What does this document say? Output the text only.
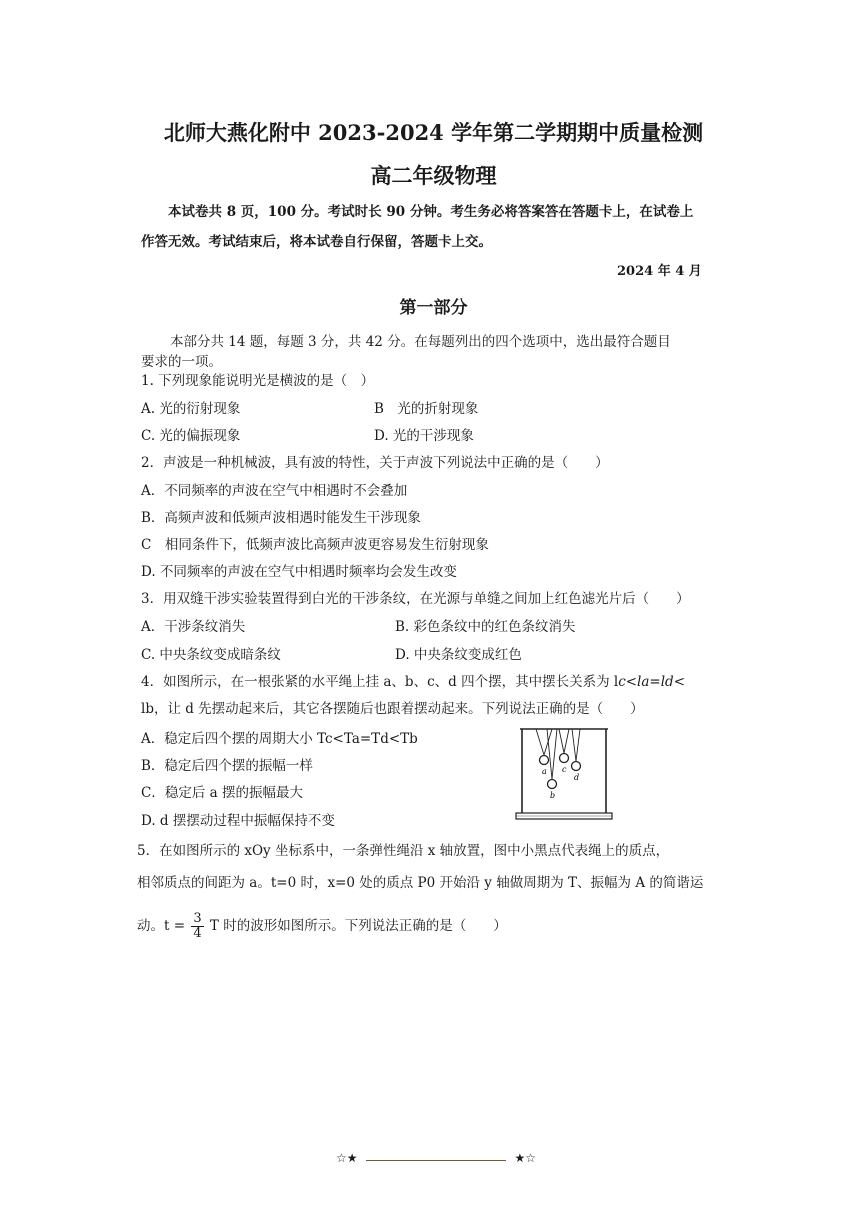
北师大燕化附中 2023-2024 学年第二学期期中质量检测
高二年级物理
本试卷共 8 页，100 分。考试时长 90 分钟。考生务必将答案答在答题卡上，在试卷上
作答无效。考试结束后，将本试卷自行保留，答题卡上交。
2024 年 4 月
第一部分
本部分共 14 题，每题 3 分，共 42 分。在每题列出的四个选项中，选出最符合题目
要求的一项。
1. 下列现象能说明光是横波的是（　）
A. 光的衍射现象	B　光的折射现象
C. 光的偏振现象	D. 光的干涉现象
2．声波是一种机械波，具有波的特性，关于声波下列说法中正确的是（　　）
A．不同频率的声波在空气中相遇时不会叠加
B．高频声波和低频声波相遇时能发生干涉现象
C　相同条件下，低频声波比高频声波更容易发生衍射现象
D. 不同频率的声波在空气中相遇时频率均会发生改变
3．用双缝干涉实验装置得到白光的干涉条纹，在光源与单缝之间加上红色滤光片后（　　）
A．干涉条纹消失	B. 彩色条纹中的红色条纹消失
C. 中央条纹变成暗条纹	D. 中央条纹变成红色
4．如图所示，在一根张紧的水平绳上挂 a、b、c、d 四个摆，其中摆长关系为 lc<la=ld<
lb，让 d 先摆动起来后，其它各摆随后也跟着摆动起来。下列说法正确的是（　　）
A．稳定后四个摆的周期大小 Tc<Ta=Td<Tb
B．稳定后四个摆的振幅一样
C．稳定后 a 摆的振幅最大
D. d 摆摆动过程中振幅保持不变
a
b
c
d
5．在如图所示的 xOy 坐标系中，一条弹性绳沿 x 轴放置，图中小黑点代表绳上的质点，
相邻质点的间距为 a。t=0 时，x=0 处的质点 P0 开始沿 y 轴做周期为 T、振幅为 A 的简谐运
动。$t = \frac{3}{4}$ T 时的波形如图所示。下列说法正确的是（　　）
☆★	★☆
